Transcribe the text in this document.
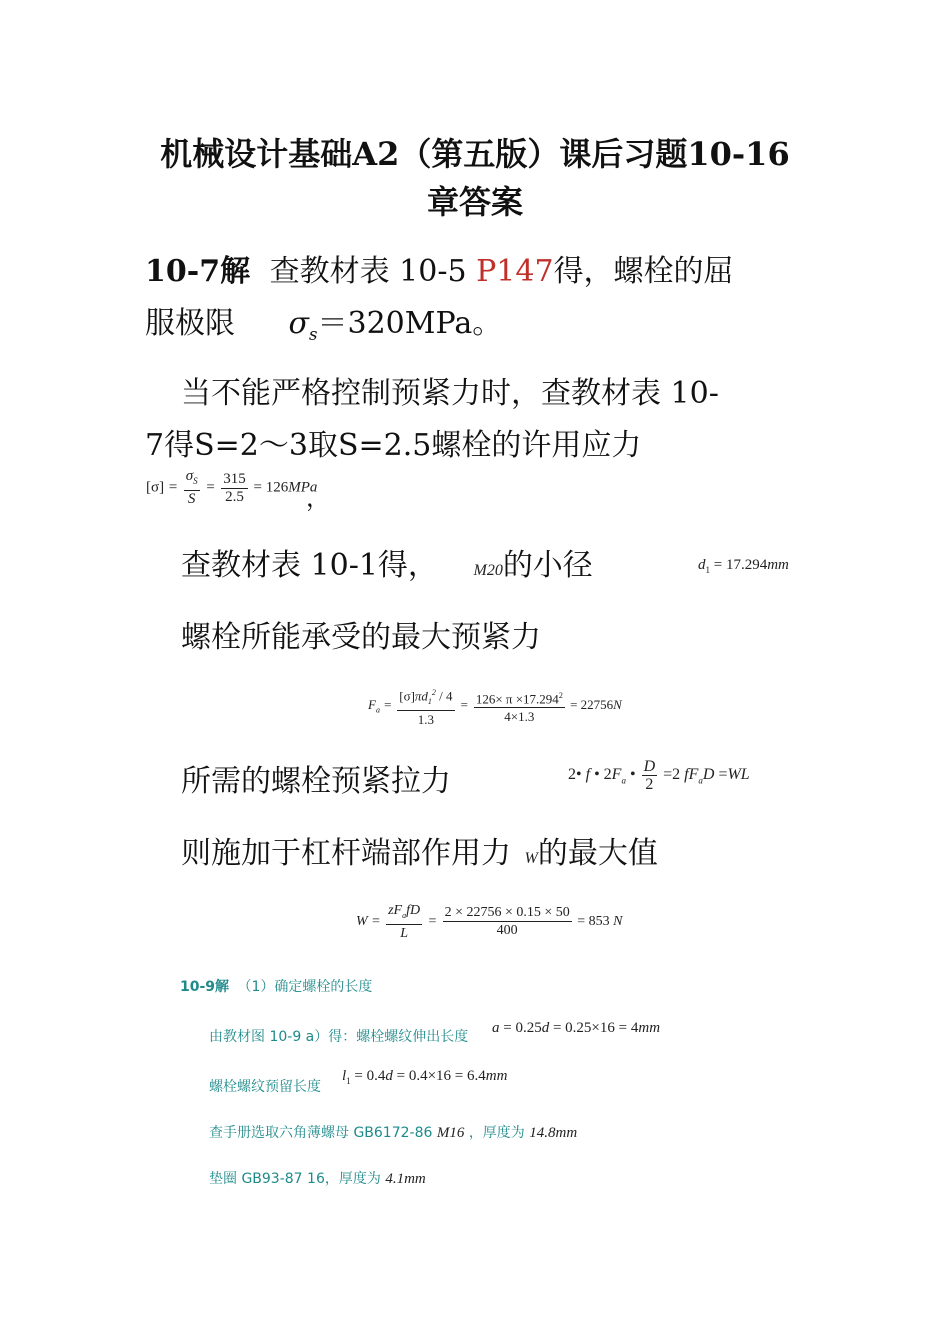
机械设计基础A2（第五版）课后习题10-16
章答案
10-7解 查教材表 10-5 P147得，螺栓的屈
服极限 $\sigma_s=320MPa$。
当不能严格控制预紧力时，查教材表 10-
7得S=2～3取S=2.5螺栓的许用应力
$[\sigma] = \frac{\sigma_S}{S} = \frac{315}{2.5} = 126MPa$
，
查教材表 10-1得， M20的小径	$d_1 = 17.294mm$
螺栓所能承受的最大预紧力
$F_a = \frac{[\sigma]\pi d_1^2 / 4}{1.3} = \frac{126\times \pi \times 17.294^2}{4\times 1.3} = 22756N$
所需的螺栓预紧拉力	2• f • $2F_a$ • $\frac{D}{2} =2$ $fF_aD =WL$
则施加于杠杆端部作用力 W的最大值
$W = \frac{zF_afD}{L} = \frac{2 \times 22756 \times 0.15 \times 50}{400} = 853$ N
10-9解 （1）确定螺栓的长度
由教材图 10-9 a）得：螺栓螺纹伸出长度
a = 0.25d = 0.25×16 = 4mm
螺栓螺纹预留长度
$l_1 = 0.4d = 0.4\times 16 = 6.4mm$
查手册选取六角薄螺母 GB6172-86 M16 ，厚度为 14.8mm
垫圈 GB93-87 16，厚度为 4.1mm
